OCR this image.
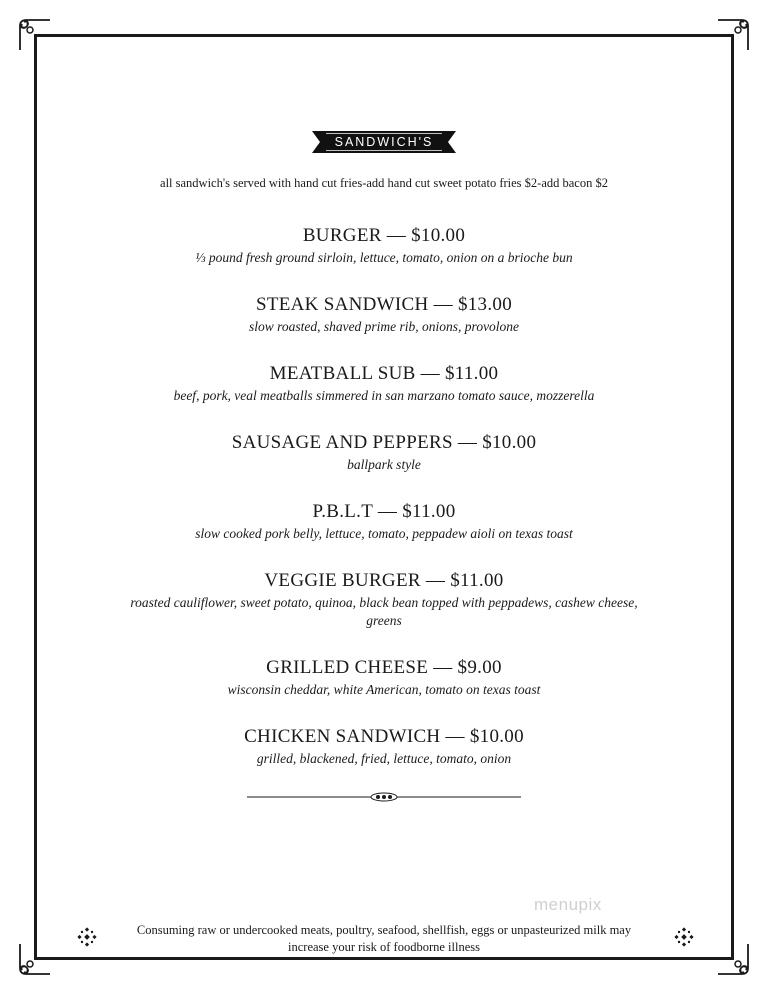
SANDWICH'S
all sandwich's served with hand cut fries-add hand cut sweet potato fries $2-add bacon $2
BURGER — $10.00
⅓ pound fresh ground sirloin, lettuce, tomato, onion on a brioche bun
STEAK SANDWICH — $13.00
slow roasted, shaved prime rib, onions, provolone
MEATBALL SUB — $11.00
beef, pork, veal meatballs simmered in san marzano tomato sauce, mozzerella
SAUSAGE AND PEPPERS — $10.00
ballpark style
P.B.L.T — $11.00
slow cooked pork belly, lettuce, tomato, peppadew aioli on texas toast
VEGGIE BURGER — $11.00
roasted cauliflower, sweet potato, quinoa, black bean topped with peppadews, cashew cheese, greens
GRILLED CHEESE — $9.00
wisconsin cheddar, white American, tomato on texas toast
CHICKEN SANDWICH — $10.00
grilled, blackened, fried, lettuce, tomato, onion
menupix
Consuming raw or undercooked meats, poultry, seafood, shellfish, eggs or unpasteurized milk may
increase your risk of foodborne illness
